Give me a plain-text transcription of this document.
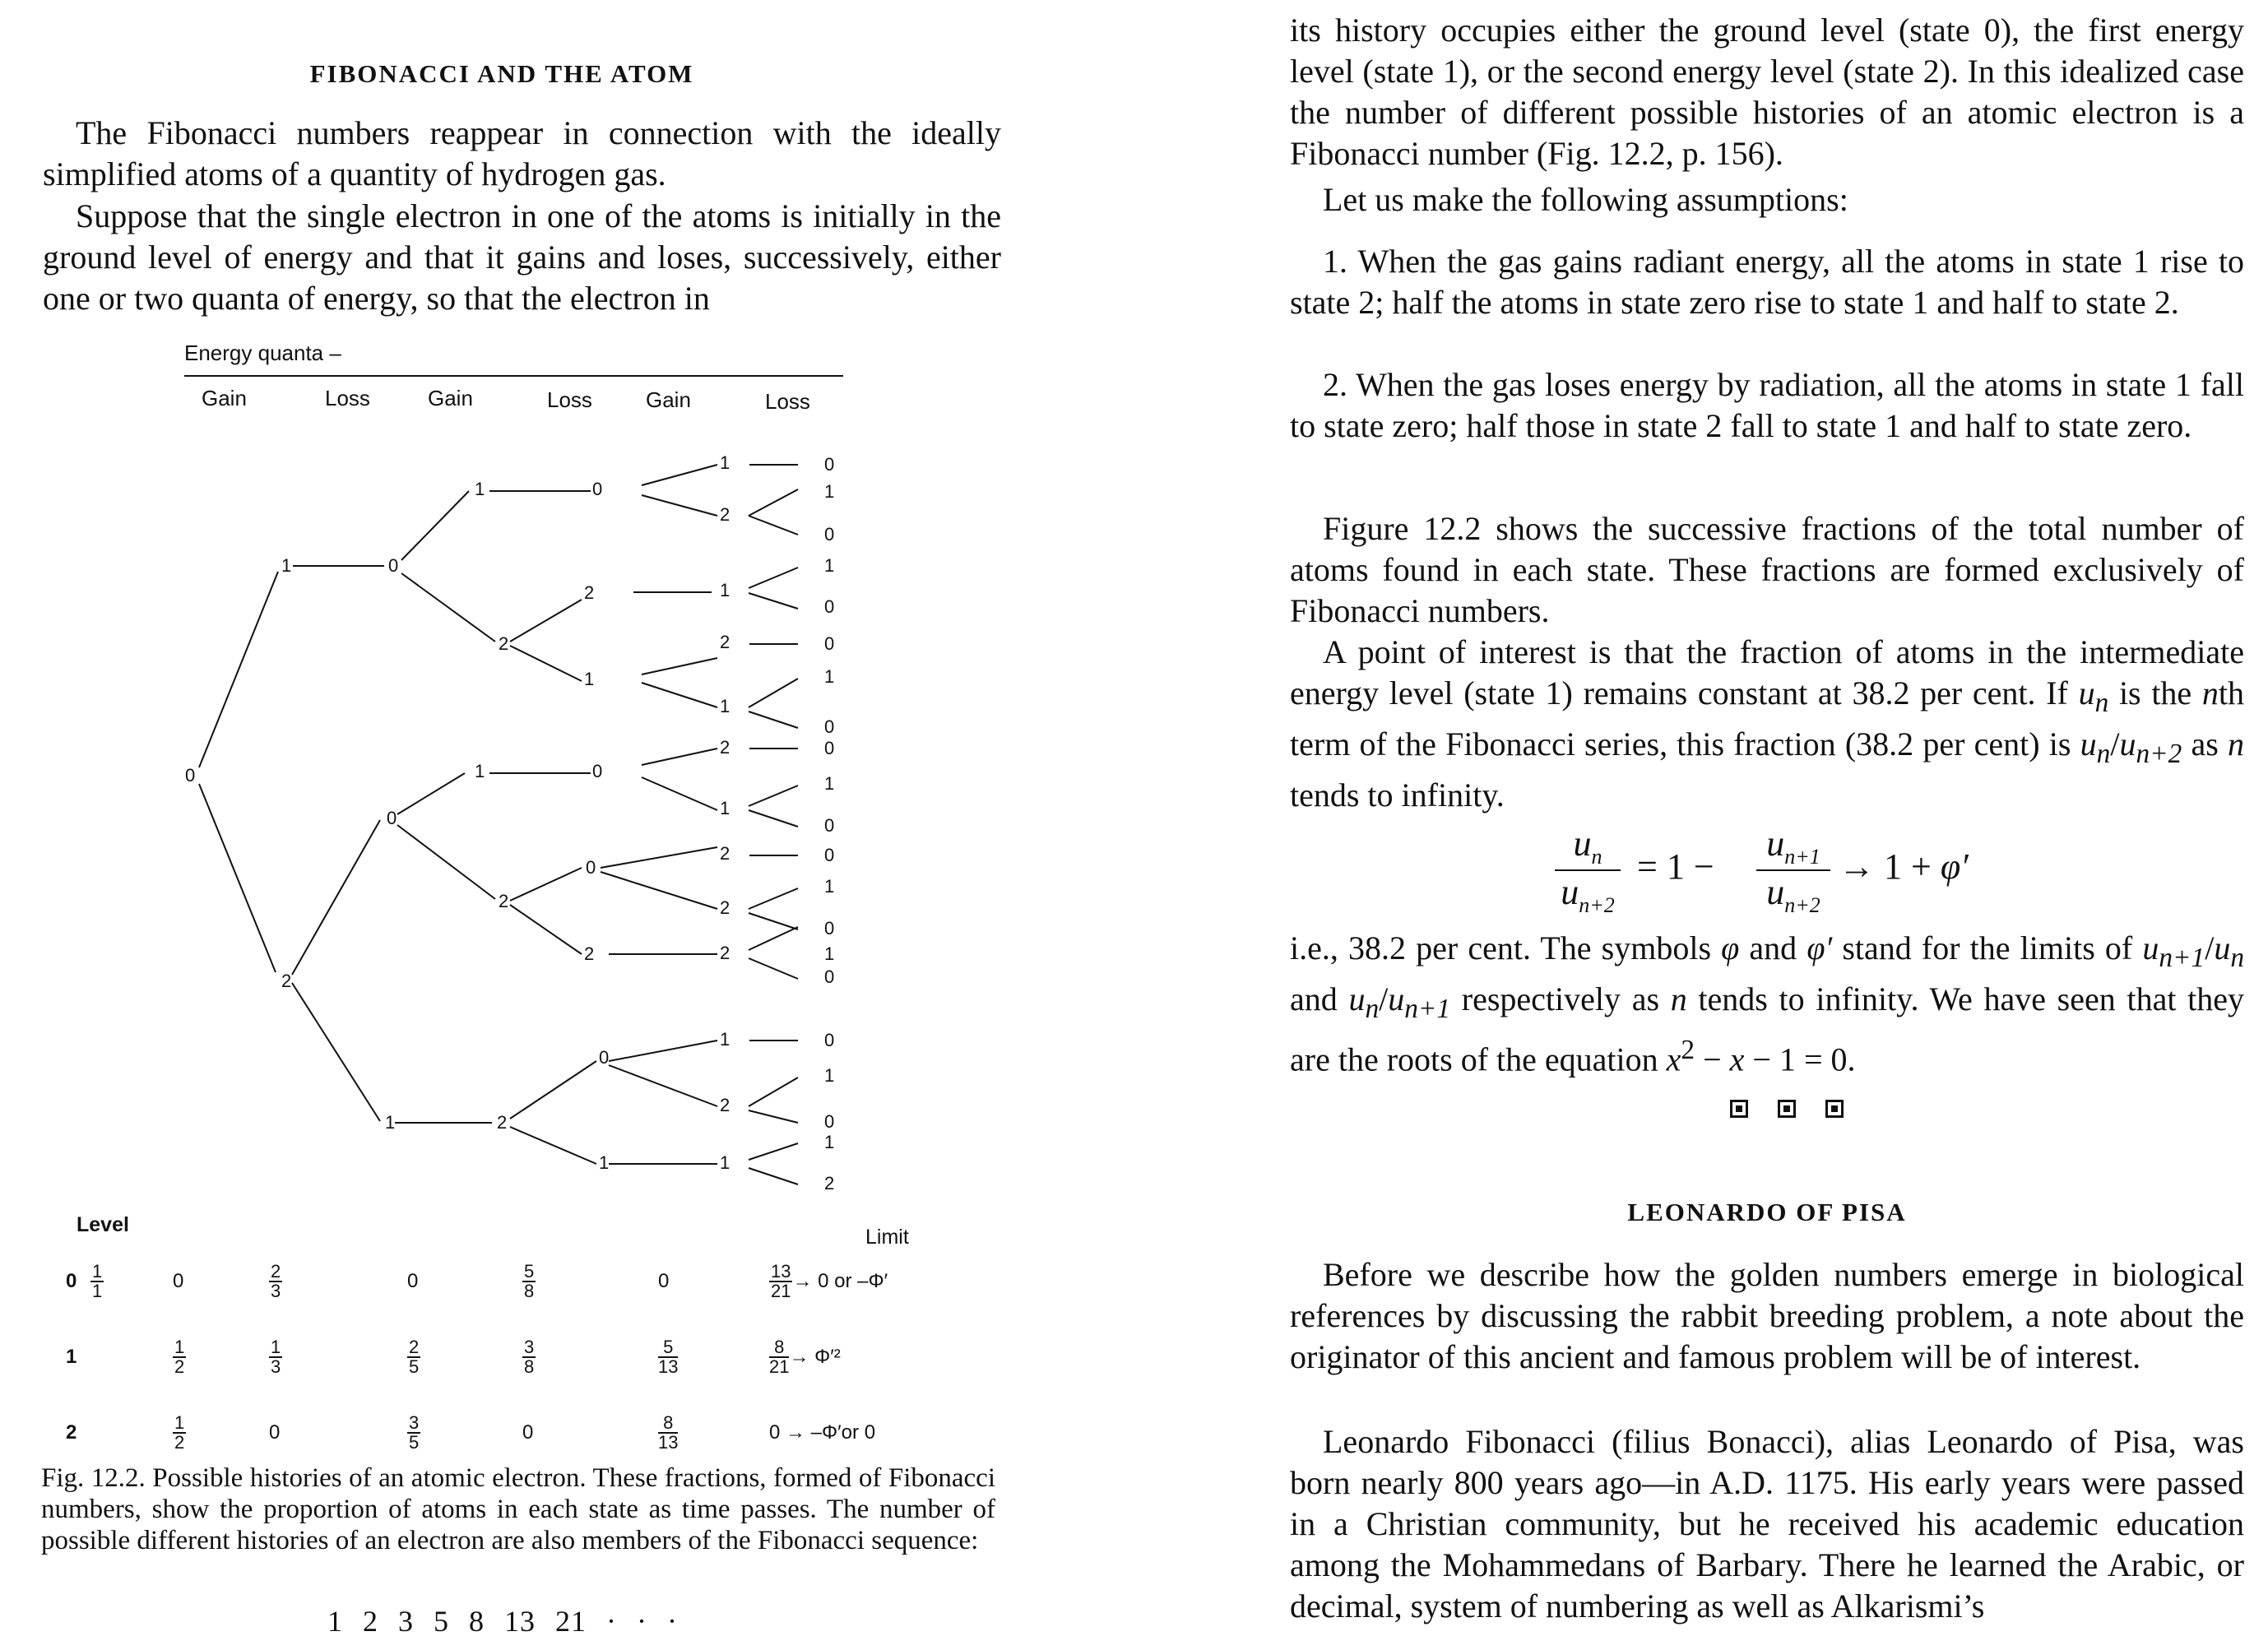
FIBONACCI AND THE ATOM
The Fibonacci numbers reappear in connection with the ideally simplified atoms of a quantity of hydrogen gas.
Suppose that the single electron in one of the atoms is initially in the ground level of energy and that it gains and loses, successively, either one or two quanta of energy, so that the electron in
Energy quanta –
Gain	Loss	Gain	Loss	Gain	Loss
0
1
2
0
0
1
1
2
1
2
2
0
2
1
0
0
2
0
1
1
2
1
2
1
2
1
2
2
1
2
1
2
0
1
0
1
0
0
1
0
0
1
0
0
1
0
1
0
0
1
0
1
2
Level
Limit
$0 \frac{1}{1}$	0	$\frac{2}{3}$	0	$\frac{5}{8}$	0	$\frac{13}{21} \to 0$ or –Φ′
1	$\frac{1}{2}$	$\frac{1}{3}$	$\frac{2}{5}$	$\frac{3}{8}$	$\frac{5}{13}$	$\frac{8}{21} \to \Phi'^2$
2	$\frac{1}{2}$	0	$\frac{3}{5}$	0	$\frac{8}{13}$	0 → –Φ′or 0
Fig. 12.2. Possible histories of an atomic electron. These fractions, formed of Fibonacci numbers, show the proportion of atoms in each state as time passes. The number of possible different histories of an electron are also members of the Fibonacci sequence:
1 2 3 5 8 13 21 · · ·
its history occupies either the ground level (state 0), the first energy level (state 1), or the second energy level (state 2). In this idealized case the number of different possible histories of an atomic electron is a Fibonacci number (Fig. 12.2, p. 156).
Let us make the following assumptions:
1. When the gas gains radiant energy, all the atoms in state 1 rise to state 2; half the atoms in state zero rise to state 1 and half to state 2.
2. When the gas loses energy by radiation, all the atoms in state 1 fall to state zero; half those in state 2 fall to state 1 and half to state zero.
Figure 12.2 shows the successive fractions of the total number of atoms found in each state. These fractions are formed exclusively of Fibonacci numbers.
A point of interest is that the fraction of atoms in the intermediate energy level (state 1) remains constant at 38.2 per cent. If $u_n$ is the nth term of the Fibonacci series, this fraction (38.2 per cent) is $u_n/u_{n+2}$ as n tends to infinity.
$u_n$
$u_{n+2}$
= 1 −
$u_{n+1}$
$u_{n+2}$
→ 1 + φ′
i.e., 38.2 per cent. The symbols φ and φ′ stand for the limits of $u_{n+1}/u_n$ and $u_n/u_{n+1}$ respectively as n tends to infinity. We have seen that they are the roots of the equation $x^2 - x - 1 = 0$.
LEONARDO OF PISA
Before we describe how the golden numbers emerge in biological references by discussing the rabbit breeding problem, a note about the originator of this ancient and famous problem will be of interest.
Leonardo Fibonacci (filius Bonacci), alias Leonardo of Pisa, was born nearly 800 years ago—in A.D. 1175. His early years were passed in a Christian community, but he received his academic education among the Mohammedans of Barbary. There he learned the Arabic, or decimal, system of numbering as well as Alkarismi’s
